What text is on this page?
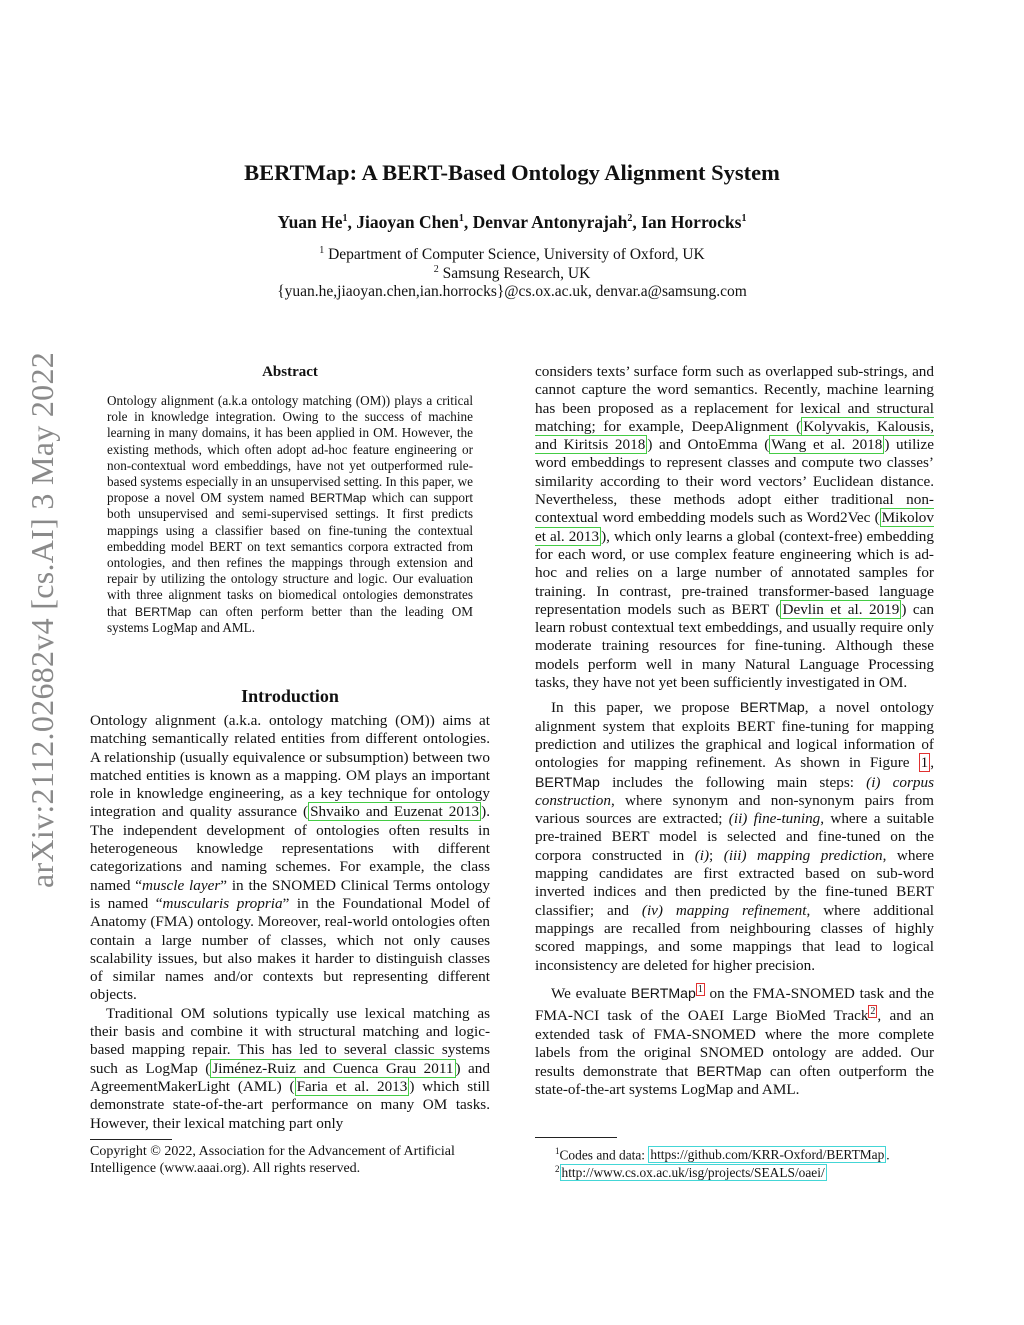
arXiv:2112.02682v4 [cs.AI] 3 May 2022
BERTMap: A BERT-Based Ontology Alignment System
Yuan He$^1$, Jiaoyan Chen$^1$, Denvar Antonyrajah$^2$, Ian Horrocks$^1$
$^1$ Department of Computer Science, University of Oxford, UK
$^2$ Samsung Research, UK
{yuan.he,jiaoyan.chen,ian.horrocks}@cs.ox.ac.uk, denvar.a@samsung.com
Abstract
Ontology alignment (a.k.a ontology matching (OM)) plays a critical role in knowledge integration. Owing to the success of machine learning in many domains, it has been applied in OM. However, the existing methods, which often adopt ad-hoc feature engineering or non-contextual word embeddings, have not yet outperformed rule-based systems especially in an unsupervised setting. In this paper, we propose a novel OM system named BERTMap which can support both unsupervised and semi-supervised settings. It first predicts mappings using a classifier based on fine-tuning the contextual embedding model BERT on text semantics corpora extracted from ontologies, and then refines the mappings through extension and repair by utilizing the ontology structure and logic. Our evaluation with three alignment tasks on biomedical ontologies demonstrates that BERTMap can often perform better than the leading OM systems LogMap and AML.
Introduction

Ontology alignment (a.k.a. ontology matching (OM)) aims at matching semantically related entities from different ontologies. A relationship (usually equivalence or subsumption) between two matched entities is known as a mapping. OM plays an important role in knowledge engineering, as a key technique for ontology integration and quality assurance ( Shvaiko and Euzenat 2013 ). The independent development of ontologies often results in heterogeneous knowledge representations with different categorizations and naming schemes. For example, the class named “muscle layer” in the SNOMED Clinical Terms ontology is named “muscularis propria” in the Foundational Model of Anatomy (FMA) ontology. Moreover, real-world ontologies often contain a large number of classes, which not only causes scalability issues, but also makes it harder to distinguish classes of similar names and/or contexts but representing different objects.

Traditional OM solutions typically use lexical matching as their basis and combine it with structural matching and logic-based mapping repair. This has led to several classic systems such as LogMap ( Jiménez-Ruiz and Cuenca Grau 2011 ) and AgreementMakerLight (AML) ( Faria et al. 2013 ) which still demonstrate state-of-the-art performance on many OM tasks. However, their lexical matching part only

Copyright © 2022, Association for the Advancement of Artificial Intelligence (www.aaai.org). All rights reserved.

considers texts’ surface form such as overlapped sub-strings, and cannot capture the word semantics. Recently, machine learning has been proposed as a replacement for lexical and structural matching; for example, DeepAlignment ( Kolyvakis, Kalousis, and Kiritsis 2018 ) and OntoEmma ( Wang et al. 2018 ) utilize word embeddings to represent classes and compute two classes’ similarity according to their word vectors’ Euclidean distance. Nevertheless, these methods adopt either traditional non-contextual word embedding models such as Word2Vec ( Mikolov et al. 2013 ), which only learns a global (context-free) embedding for each word, or use complex feature engineering which is ad-hoc and relies on a large number of annotated samples for training. In contrast, pre-trained transformer-based language representation models such as BERT ( Devlin et al. 2019 ) can learn robust contextual text embeddings, and usually require only moderate training resources for fine-tuning. Although these models perform well in many Natural Language Processing tasks, they have not yet been sufficiently investigated in OM.

In this paper, we propose BERTMap, a novel ontology alignment system that exploits BERT fine-tuning for mapping prediction and utilizes the graphical and logical information of ontologies for mapping refinement. As shown in Figure 1 , BERTMap includes the following main steps: (i) corpus construction, where synonym and non-synonym pairs from various sources are extracted; (ii) fine-tuning, where a suitable pre-trained BERT model is selected and fine-tuned on the corpora constructed in (i); (iii) mapping prediction, where mapping candidates are first extracted based on sub-word inverted indices and then predicted by the fine-tuned BERT classifier; and (iv) mapping refinement, where additional mappings are recalled from neighbouring classes of highly scored mappings, and some mappings that lead to logical inconsistency are deleted for higher precision.

We evaluate BERTMap $^1$ on the FMA-SNOMED task and the FMA-NCI task of the OAEI Large BioMed Track $^2$ , and an extended task of FMA-SNOMED where the more complete labels from the original SNOMED ontology are added. Our results demonstrate that BERTMap can often outperform the state-of-the-art systems LogMap and AML.

$^1$Codes and data: https://github.com/KRR-Oxford/BERTMap .
$^2$ http://www.cs.ox.ac.uk/isg/projects/SEALS/oaei/
